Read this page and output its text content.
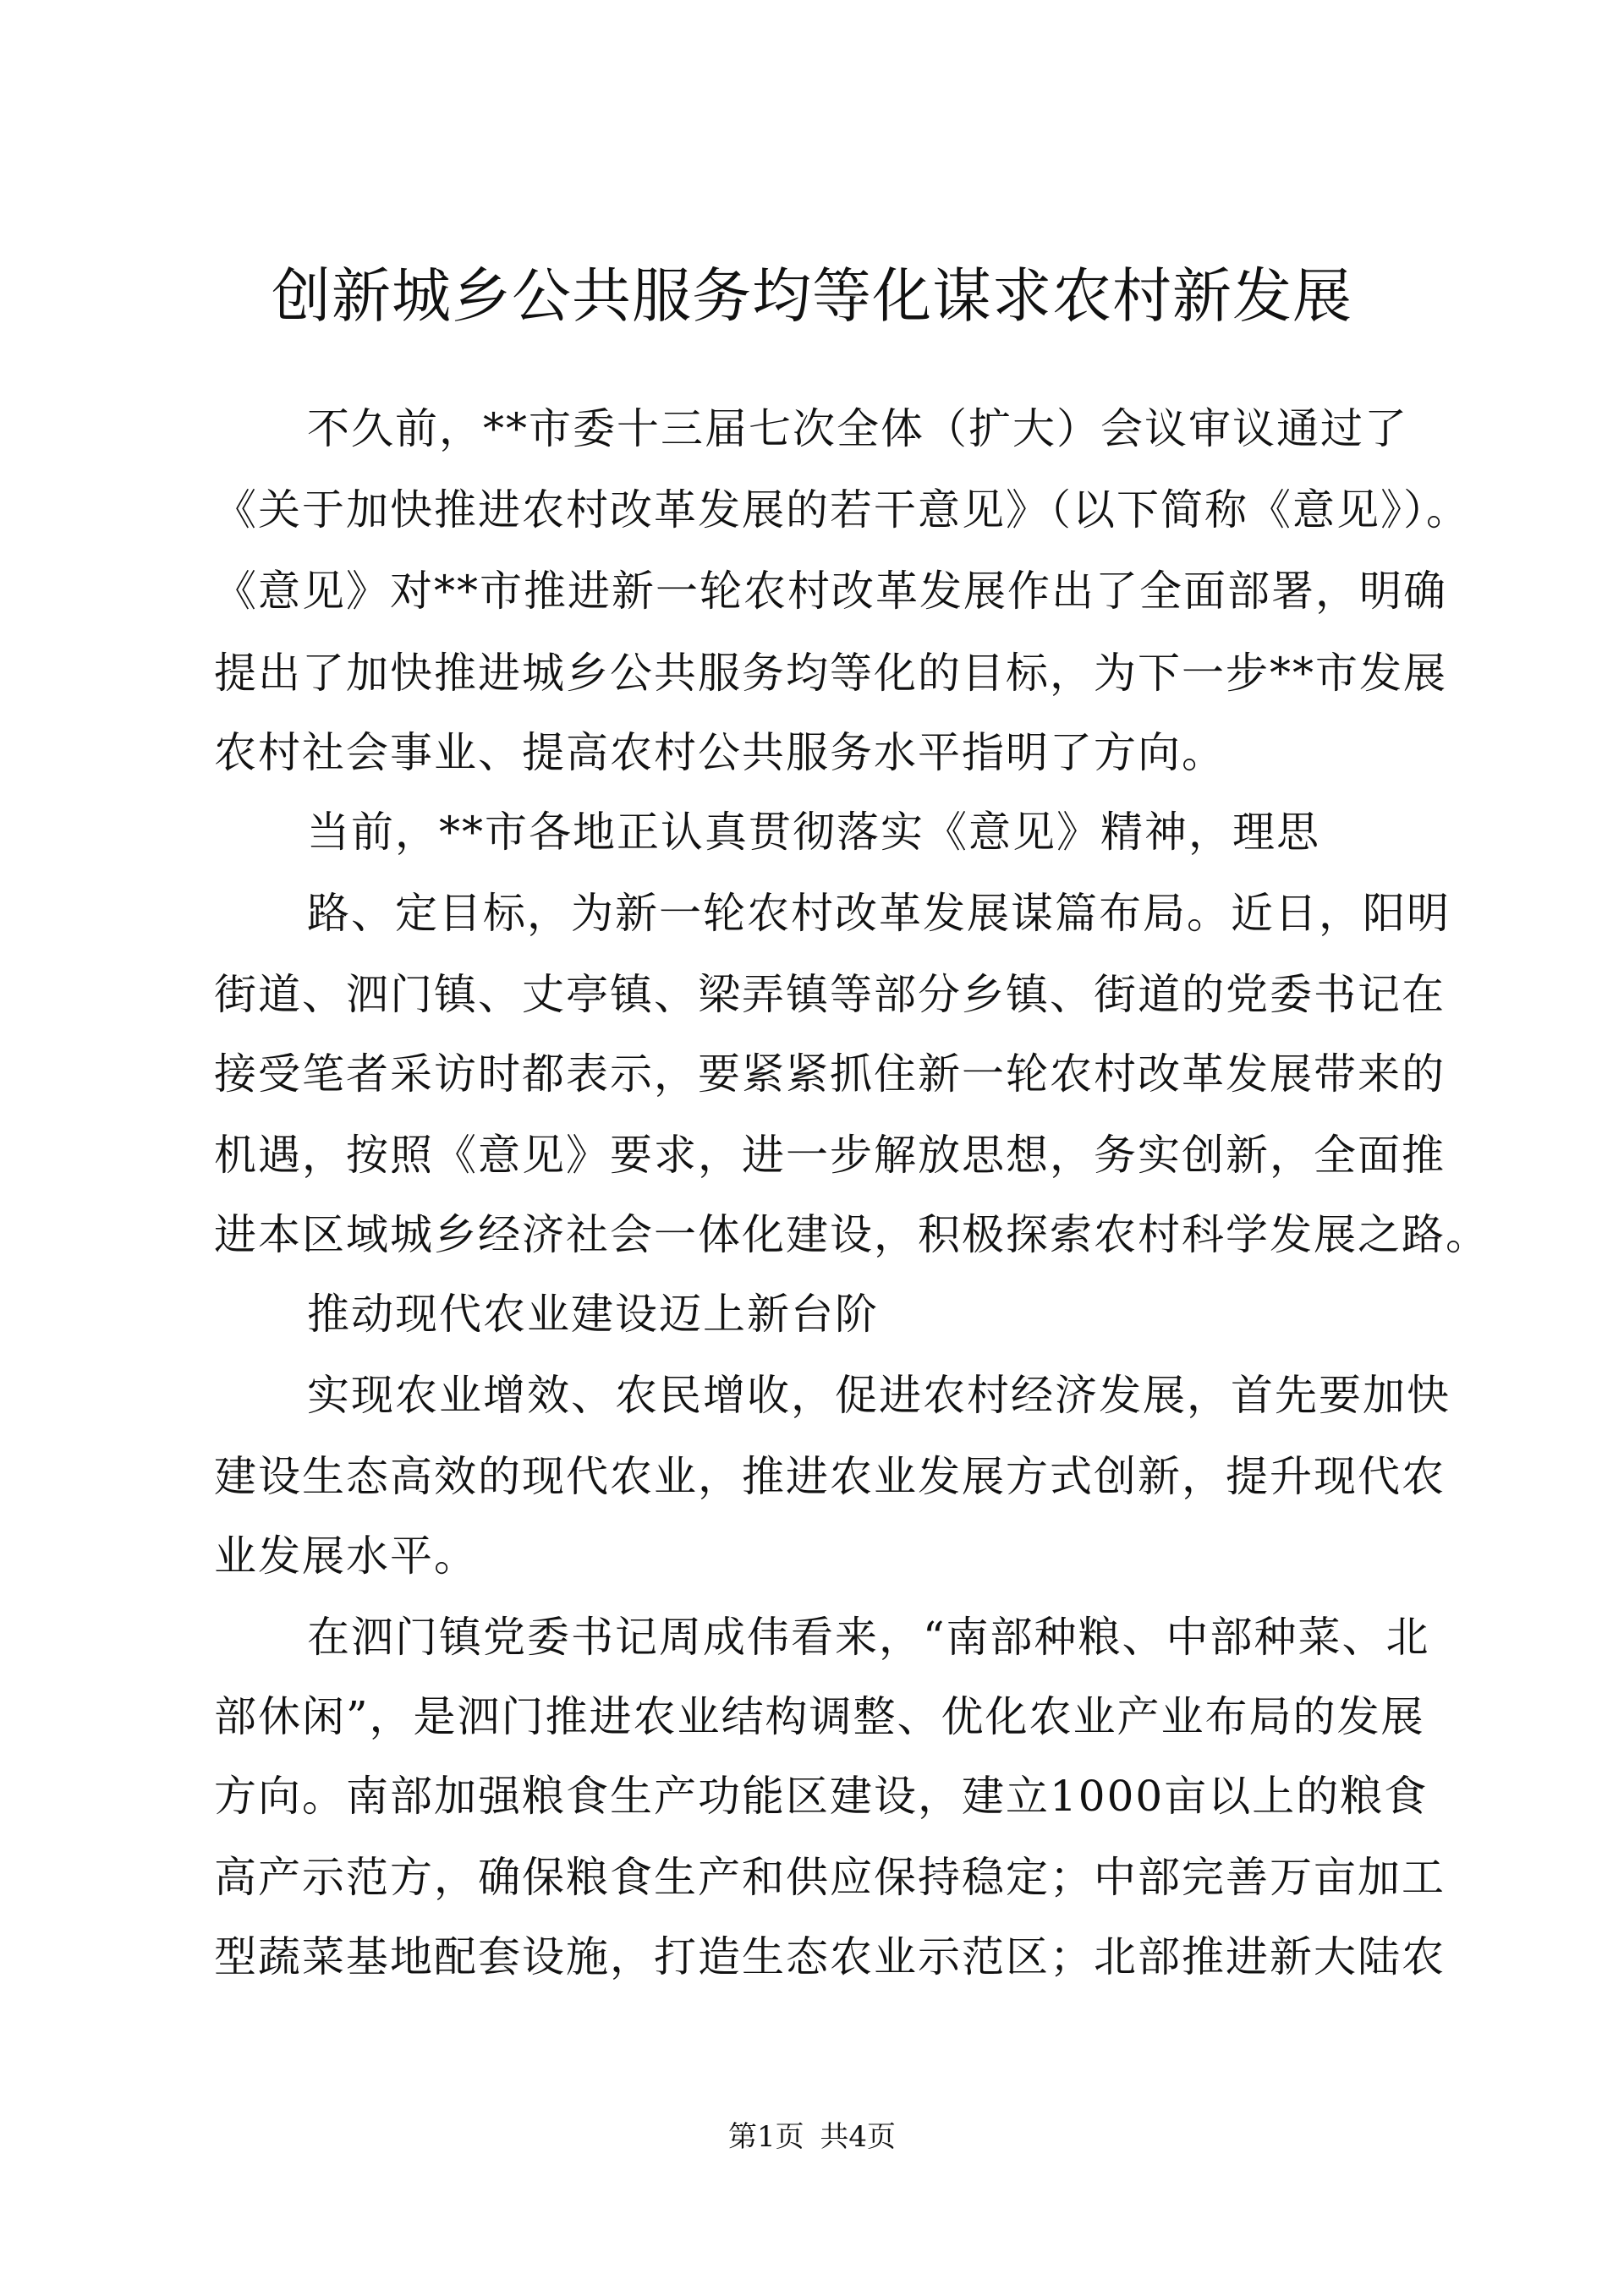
创新城乡公共服务均等化谋求农村新发展

不久前，**市委十三届七次全体（扩大）会议审议通过了

《关于加快推进农村改革发展的若干意见》（以下简称《意见》）。

《意见》对**市推进新一轮农村改革发展作出了全面部署，明确

提出了加快推进城乡公共服务均等化的目标，为下一步**市发展

农村社会事业、提高农村公共服务水平指明了方向。

当前，**市各地正认真贯彻落实《意见》精神，理思

路、定目标，为新一轮农村改革发展谋篇布局。近日，阳明

街道、泗门镇、丈亭镇、梁弄镇等部分乡镇、街道的党委书记在

接受笔者采访时都表示，要紧紧抓住新一轮农村改革发展带来的

机遇，按照《意见》要求，进一步解放思想，务实创新，全面推

进本区域城乡经济社会一体化建设，积极探索农村科学发展之路。

推动现代农业建设迈上新台阶

实现农业增效、农民增收，促进农村经济发展，首先要加快

建设生态高效的现代农业，推进农业发展方式创新，提升现代农

业发展水平。

在泗门镇党委书记周成伟看来，“南部种粮、中部种菜、北

部休闲”，是泗门推进农业结构调整、优化农业产业布局的发展

方向。南部加强粮食生产功能区建设，建立1000亩以上的粮食

高产示范方，确保粮食生产和供应保持稳定；中部完善万亩加工

型蔬菜基地配套设施，打造生态农业示范区；北部推进新大陆农

第1页 共4页
